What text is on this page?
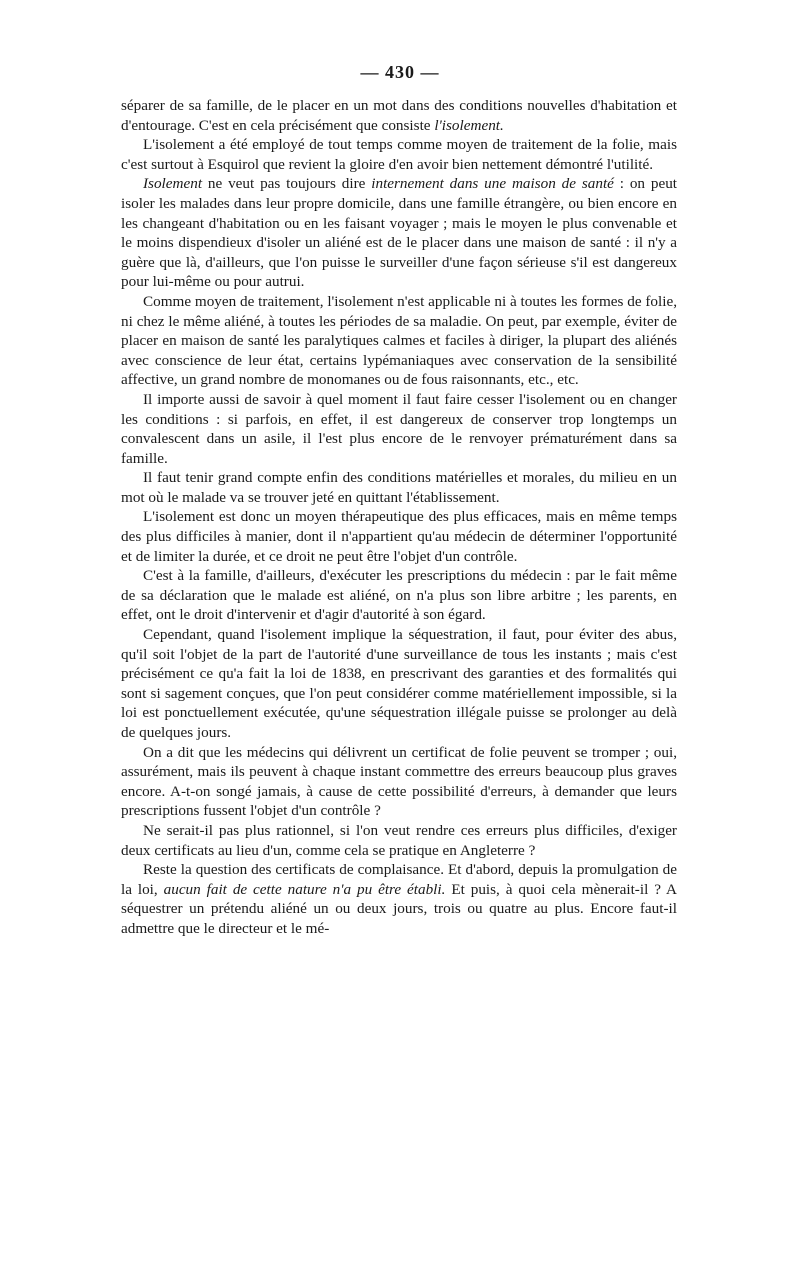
— 430 —

séparer de sa famille, de le placer en un mot dans des conditions nouvelles d'habitation et d'entourage. C'est en cela précisément que consiste l'isolement.

L'isolement a été employé de tout temps comme moyen de traitement de la folie, mais c'est surtout à Esquirol que revient la gloire d'en avoir bien nettement démontré l'utilité.

Isolement ne veut pas toujours dire internement dans une maison de santé : on peut isoler les malades dans leur propre domicile, dans une famille étrangère, ou bien encore en les changeant d'habitation ou en les faisant voyager ; mais le moyen le plus convenable et le moins dispendieux d'isoler un aliéné est de le placer dans une maison de santé : il n'y a guère que là, d'ailleurs, que l'on puisse le surveiller d'une façon sérieuse s'il est dangereux pour lui-même ou pour autrui.

Comme moyen de traitement, l'isolement n'est applicable ni à toutes les formes de folie, ni chez le même aliéné, à toutes les périodes de sa maladie. On peut, par exemple, éviter de placer en maison de santé les paralytiques calmes et faciles à diriger, la plupart des aliénés avec conscience de leur état, certains lypémaniaques avec conservation de la sensibilité affective, un grand nombre de monomanes ou de fous raisonnants, etc., etc.

Il importe aussi de savoir à quel moment il faut faire cesser l'isolement ou en changer les conditions : si parfois, en effet, il est dangereux de conserver trop longtemps un convalescent dans un asile, il l'est plus encore de le renvoyer prématurément dans sa famille.

Il faut tenir grand compte enfin des conditions matérielles et morales, du milieu en un mot où le malade va se trouver jeté en quittant l'établissement.

L'isolement est donc un moyen thérapeutique des plus efficaces, mais en même temps des plus difficiles à manier, dont il n'appartient qu'au médecin de déterminer l'opportunité et de limiter la durée, et ce droit ne peut être l'objet d'un contrôle.

C'est à la famille, d'ailleurs, d'exécuter les prescriptions du médecin : par le fait même de sa déclaration que le malade est aliéné, on n'a plus son libre arbitre ; les parents, en effet, ont le droit d'intervenir et d'agir d'autorité à son égard.

Cependant, quand l'isolement implique la séquestration, il faut, pour éviter des abus, qu'il soit l'objet de la part de l'autorité d'une surveillance de tous les instants ; mais c'est précisément ce qu'a fait la loi de 1838, en prescrivant des garanties et des formalités qui sont si sagement conçues, que l'on peut considérer comme matériellement impossible, si la loi est ponctuellement exécutée, qu'une séquestration illégale puisse se prolonger au delà de quelques jours.

On a dit que les médecins qui délivrent un certificat de folie peuvent se tromper ; oui, assurément, mais ils peuvent à chaque instant commettre des erreurs beaucoup plus graves encore. A-t-on songé jamais, à cause de cette possibilité d'erreurs, à demander que leurs prescriptions fussent l'objet d'un contrôle ?

Ne serait-il pas plus rationnel, si l'on veut rendre ces erreurs plus difficiles, d'exiger deux certificats au lieu d'un, comme cela se pratique en Angleterre ?

Reste la question des certificats de complaisance. Et d'abord, depuis la promulgation de la loi, aucun fait de cette nature n'a pu être établi. Et puis, à quoi cela mènerait-il ? A séquestrer un prétendu aliéné un ou deux jours, trois ou quatre au plus. Encore faut-il admettre que le directeur et le mé-
